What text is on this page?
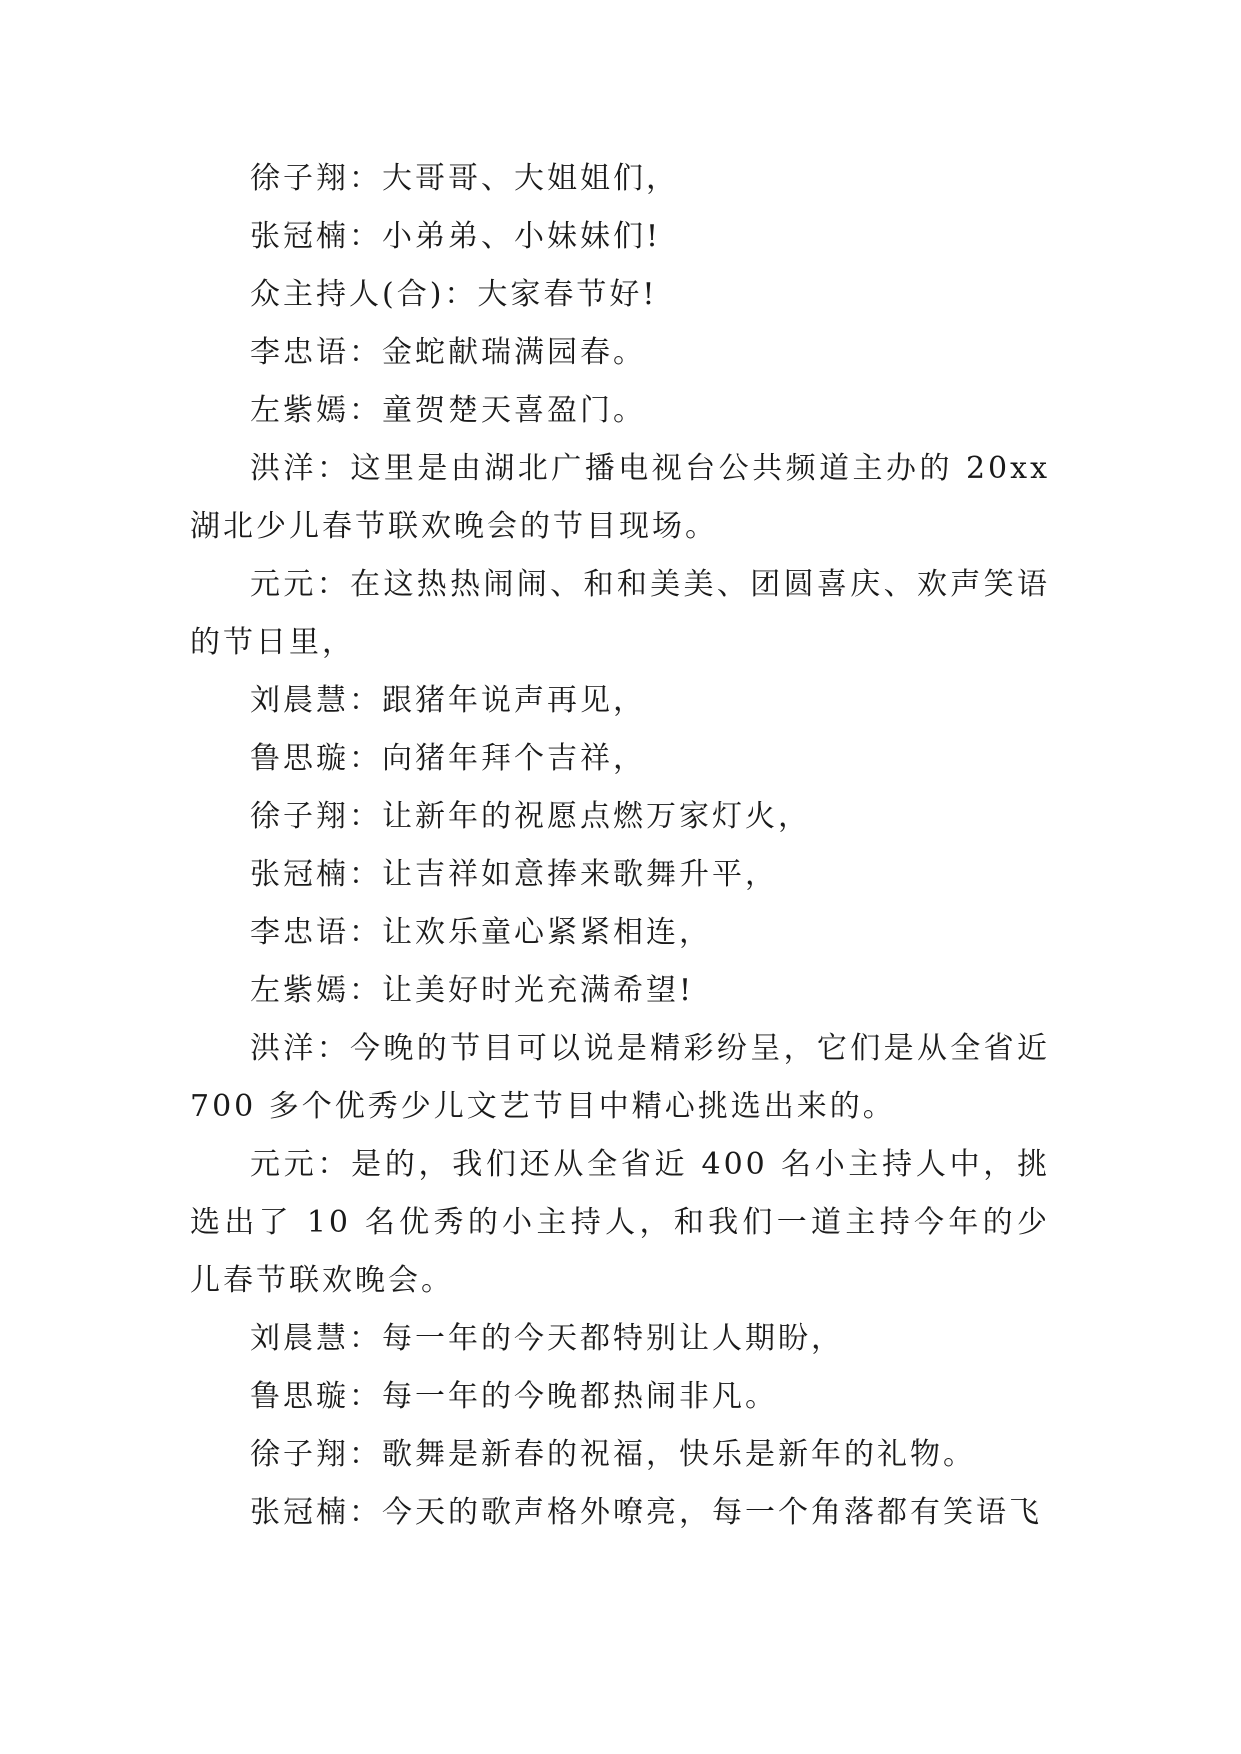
徐子翔：大哥哥、大姐姐们，

张冠楠：小弟弟、小妹妹们!

众主持人(合)：大家春节好!

李忠语：金蛇献瑞满园春。

左紫嫣：童贺楚天喜盈门。

洪洋：这里是由湖北广播电视台公共频道主办的 20xx 湖北少儿春节联欢晚会的节目现场。

元元：在这热热闹闹、和和美美、团圆喜庆、欢声笑语的节日里，

刘晨慧：跟猪年说声再见，

鲁思璇：向猪年拜个吉祥，

徐子翔：让新年的祝愿点燃万家灯火，

张冠楠：让吉祥如意捧来歌舞升平，

李忠语：让欢乐童心紧紧相连，

左紫嫣：让美好时光充满希望!

洪洋：今晚的节目可以说是精彩纷呈，它们是从全省近 700 多个优秀少儿文艺节目中精心挑选出来的。

元元：是的，我们还从全省近 400 名小主持人中，挑选出了 10 名优秀的小主持人，和我们一道主持今年的少儿春节联欢晚会。

刘晨慧：每一年的今天都特别让人期盼，

鲁思璇：每一年的今晚都热闹非凡。

徐子翔：歌舞是新春的祝福，快乐是新年的礼物。

张冠楠：今天的歌声格外嘹亮，每一个角落都有笑语飞
